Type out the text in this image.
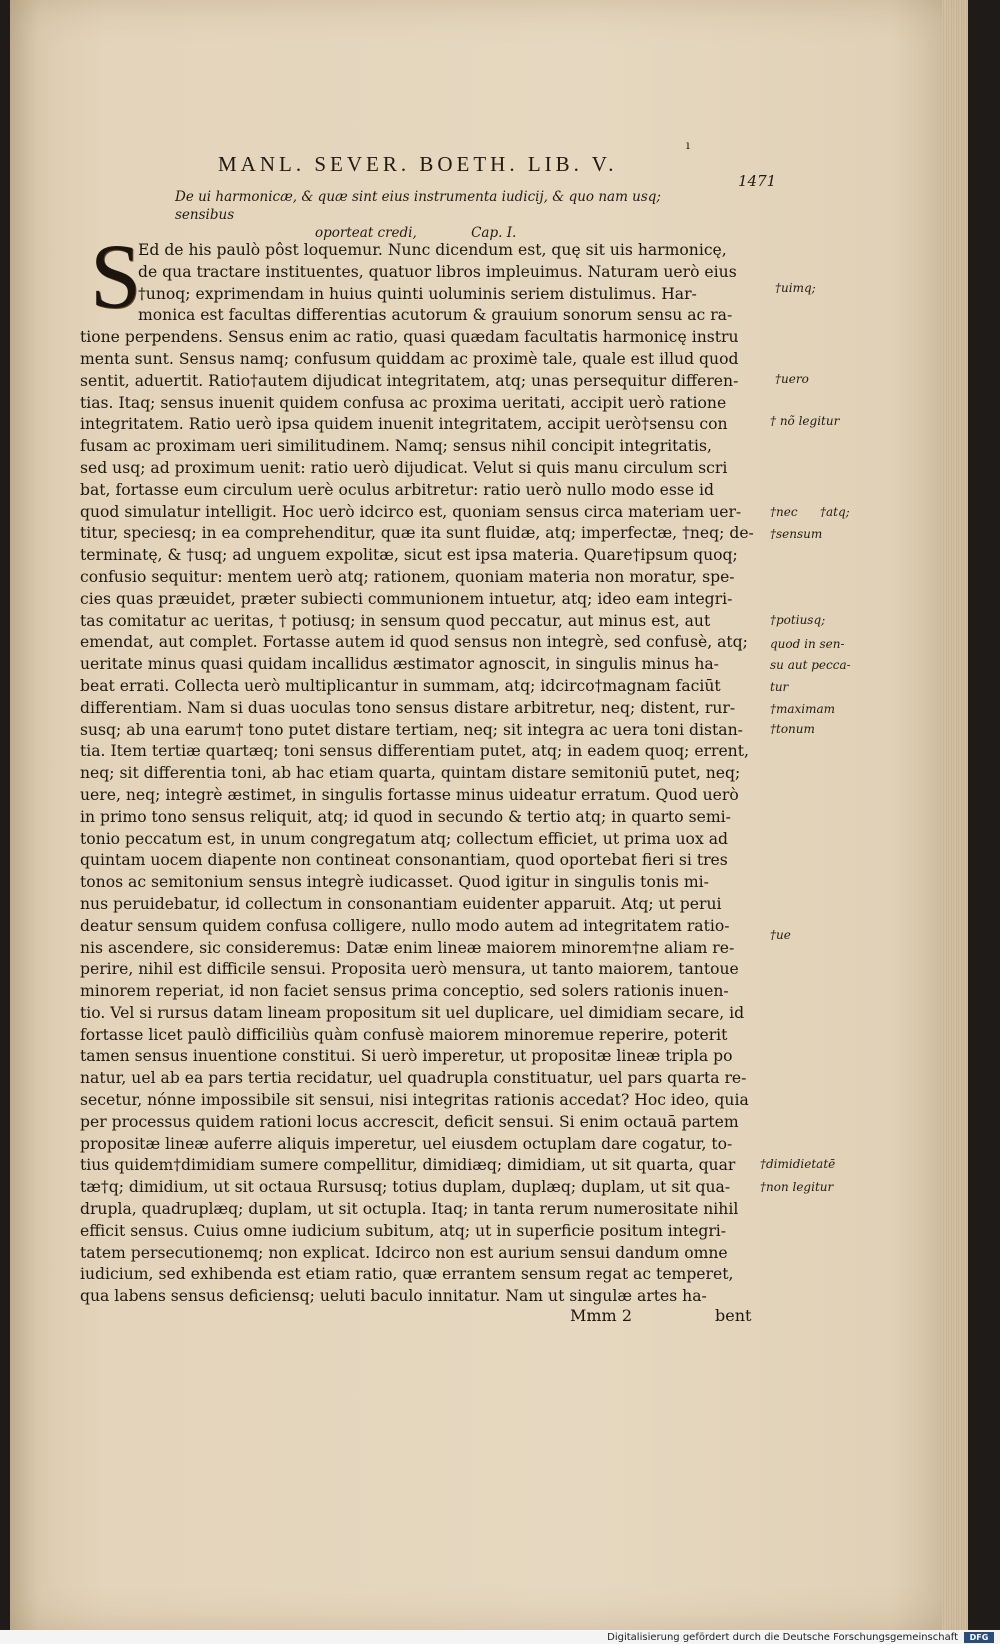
ı
MANL. SEVER. BOETH. LIB. V.
1471
De ui harmonicæ, & quæ sint eius instrumenta iudicij, & quo nam usq; sensibus
oporteat credi,	Cap. I.
S
Ed de his paulò pôst loquemur. Nunc dicendum est, quę sit uis harmonicę,
de qua tractare instituentes, quatuor libros impleuimus. Naturam uerò eius
†unoq; exprimendam in huius quinti uoluminis seriem distulimus. Har-
monica est facultas differentias acutorum & grauium sonorum sensu ac ra-
tione perpendens. Sensus enim ac ratio, quasi quædam facultatis harmonicę instru
menta sunt. Sensus namq; confusum quiddam ac proximè tale, quale est illud quod
sentit, aduertit. Ratio†autem dijudicat integritatem, atq; unas persequitur differen-
tias. Itaq; sensus inuenit quidem confusa ac proxima ueritati, accipit uerò ratione
integritatem. Ratio uerò ipsa quidem inuenit integritatem, accipit uerò†sensu con
fusam ac proximam ueri similitudinem. Namq; sensus nihil concipit integritatis,
sed usq; ad proximum uenit: ratio uerò dijudicat. Velut si quis manu circulum scri
bat, fortasse eum circulum uerè oculus arbitretur: ratio uerò nullo modo esse id
quod simulatur intelligit. Hoc uerò idcirco est, quoniam sensus circa materiam uer-
titur, speciesq; in ea comprehenditur, quæ ita sunt fluidæ, atq; imperfectæ, †neq; de-
terminatę, & †usq; ad unguem expolitæ, sicut est ipsa materia. Quare†ipsum quoq;
confusio sequitur: mentem uerò atq; rationem, quoniam materia non moratur, spe-
cies quas præuidet, præter subiecti communionem intuetur, atq; ideo eam integri-
tas comitatur ac ueritas, † potiusq; in sensum quod peccatur, aut minus est, aut
emendat, aut complet. Fortasse autem id quod sensus non integrè, sed confusè, atq;
ueritate minus quasi quidam incallidus æstimator agnoscit, in singulis minus ha-
beat errati. Collecta uerò multiplicantur in summam, atq; idcirco†magnam faciūt
differentiam. Nam si duas uoculas tono sensus distare arbitretur, neq; distent, rur-
susq; ab una earum† tono putet distare tertiam, neq; sit integra ac uera toni distan-
tia. Item tertiæ quartæq; toni sensus differentiam putet, atq; in eadem quoq; errent,
neq; sit differentia toni, ab hac etiam quarta, quintam distare semitoniū putet, neq;
uere, neq; integrè æstimet, in singulis fortasse minus uideatur erratum. Quod uerò
in primo tono sensus reliquit, atq; id quod in secundo & tertio atq; in quarto semi-
tonio peccatum est, in unum congregatum atq; collectum efficiet, ut prima uox ad
quintam uocem diapente non contineat consonantiam, quod oportebat fieri si tres
tonos ac semitonium sensus integrè iudicasset. Quod igitur in singulis tonis mi-
nus peruidebatur, id collectum in consonantiam euidenter apparuit. Atq; ut perui
deatur sensum quidem confusa colligere, nullo modo autem ad integritatem ratio-
nis ascendere, sic consideremus: Datæ enim lineæ maiorem minorem†ne aliam re-
perire, nihil est difficile sensui. Proposita uerò mensura, ut tanto maiorem, tantoue
minorem reperiat, id non faciet sensus prima conceptio, sed solers rationis inuen-
tio. Vel si rursus datam lineam propositum sit uel duplicare, uel dimidiam secare, id
fortasse licet paulò difficiliùs quàm confusè maiorem minoremue reperire, poterit
tamen sensus inuentione constitui. Si uerò imperetur, ut propositæ lineæ tripla po
natur, uel ab ea pars tertia recidatur, uel quadrupla constituatur, uel pars quarta re-
secetur, nónne impossibile sit sensui, nisi integritas rationis accedat? Hoc ideo, quia
per processus quidem rationi locus accrescit, deficit sensui. Si enim octauā partem
propositæ lineæ auferre aliquis imperetur, uel eiusdem octuplam dare cogatur, to-
tius quidem†dimidiam sumere compellitur, dimidiæq; dimidiam, ut sit quarta, quar
tæ†q; dimidium, ut sit octaua Rursusq; totius duplam, duplæq; duplam, ut sit qua-
drupla, quadruplæq; duplam, ut sit octupla. Itaq; in tanta rerum numerositate nihil
efficit sensus. Cuius omne iudicium subitum, atq; ut in superficie positum integri-
tatem persecutionemq; non explicat. Idcirco non est aurium sensui dandum omne
iudicium, sed exhibenda est etiam ratio, quæ errantem sensum regat ac temperet,
qua labens sensus deficiensq; ueluti baculo innitatur. Nam ut singulæ artes ha-
Mmm 2	bent
†uimq;
†uero
† nõ legitur
†nec †atq;
†sensum
†potiusq;
quod in sen-
su aut pecca-
tur
†maximam
†tonum
†ue
†dimidietatē
†non legitur
Digitalisierung gefördert durch die Deutsche Forschungsgemeinschaft	DFG
